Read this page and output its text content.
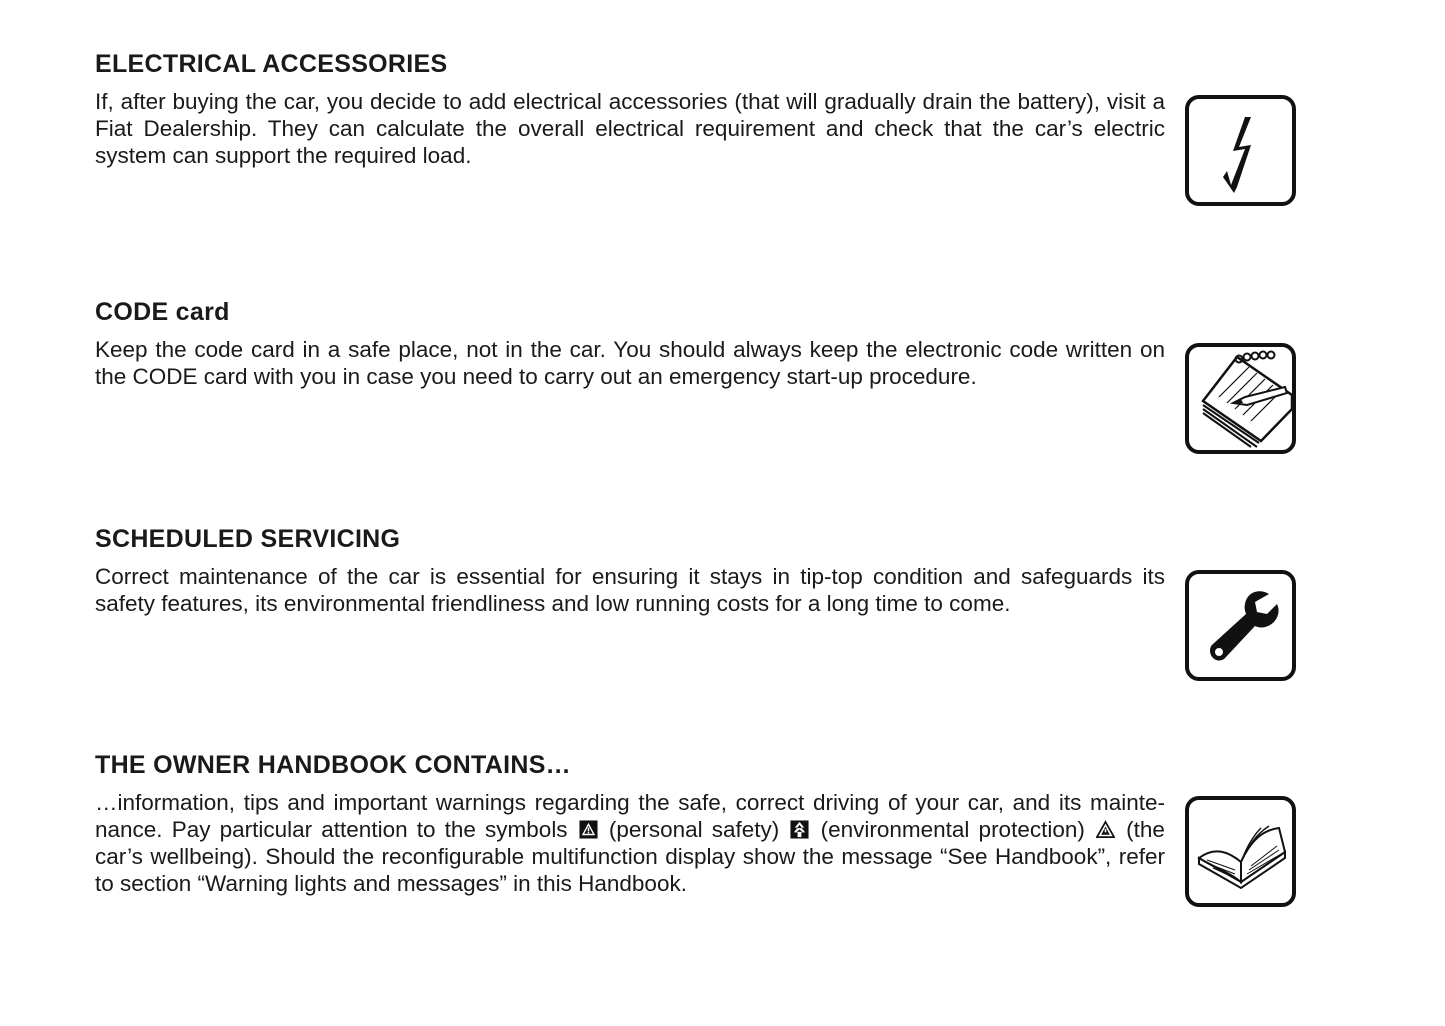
ELECTRICAL ACCESSORIES

If, after buying the car, you decide to add electrical accessories (that will gradually drain the battery), visit a Fiat Dealership. They can calculate the overall electrical requirement and check that the car’s electric system can support the required load.

CODE card

Keep the code card in a safe place, not in the car. You should always keep the electronic code written on the CODE card with you in case you need to carry out an emergency start-up procedure.

SCHEDULED SERVICING

Correct maintenance of the car is essential for ensuring it stays in tip-top condition and safeguards its safety features, its environmental friendliness and low running costs for a long time to come.

THE OWNER HANDBOOK CONTAINS…

…information, tips and important warnings regarding the safe, correct driving of your car, and its mainte-nance. Pay particular attention to the symbols (personal safety) (environmental protection) (the car’s wellbeing). Should the reconfigurable multifunction display show the message “See Handbook”, refer to section “Warning lights and messages” in this Handbook.
